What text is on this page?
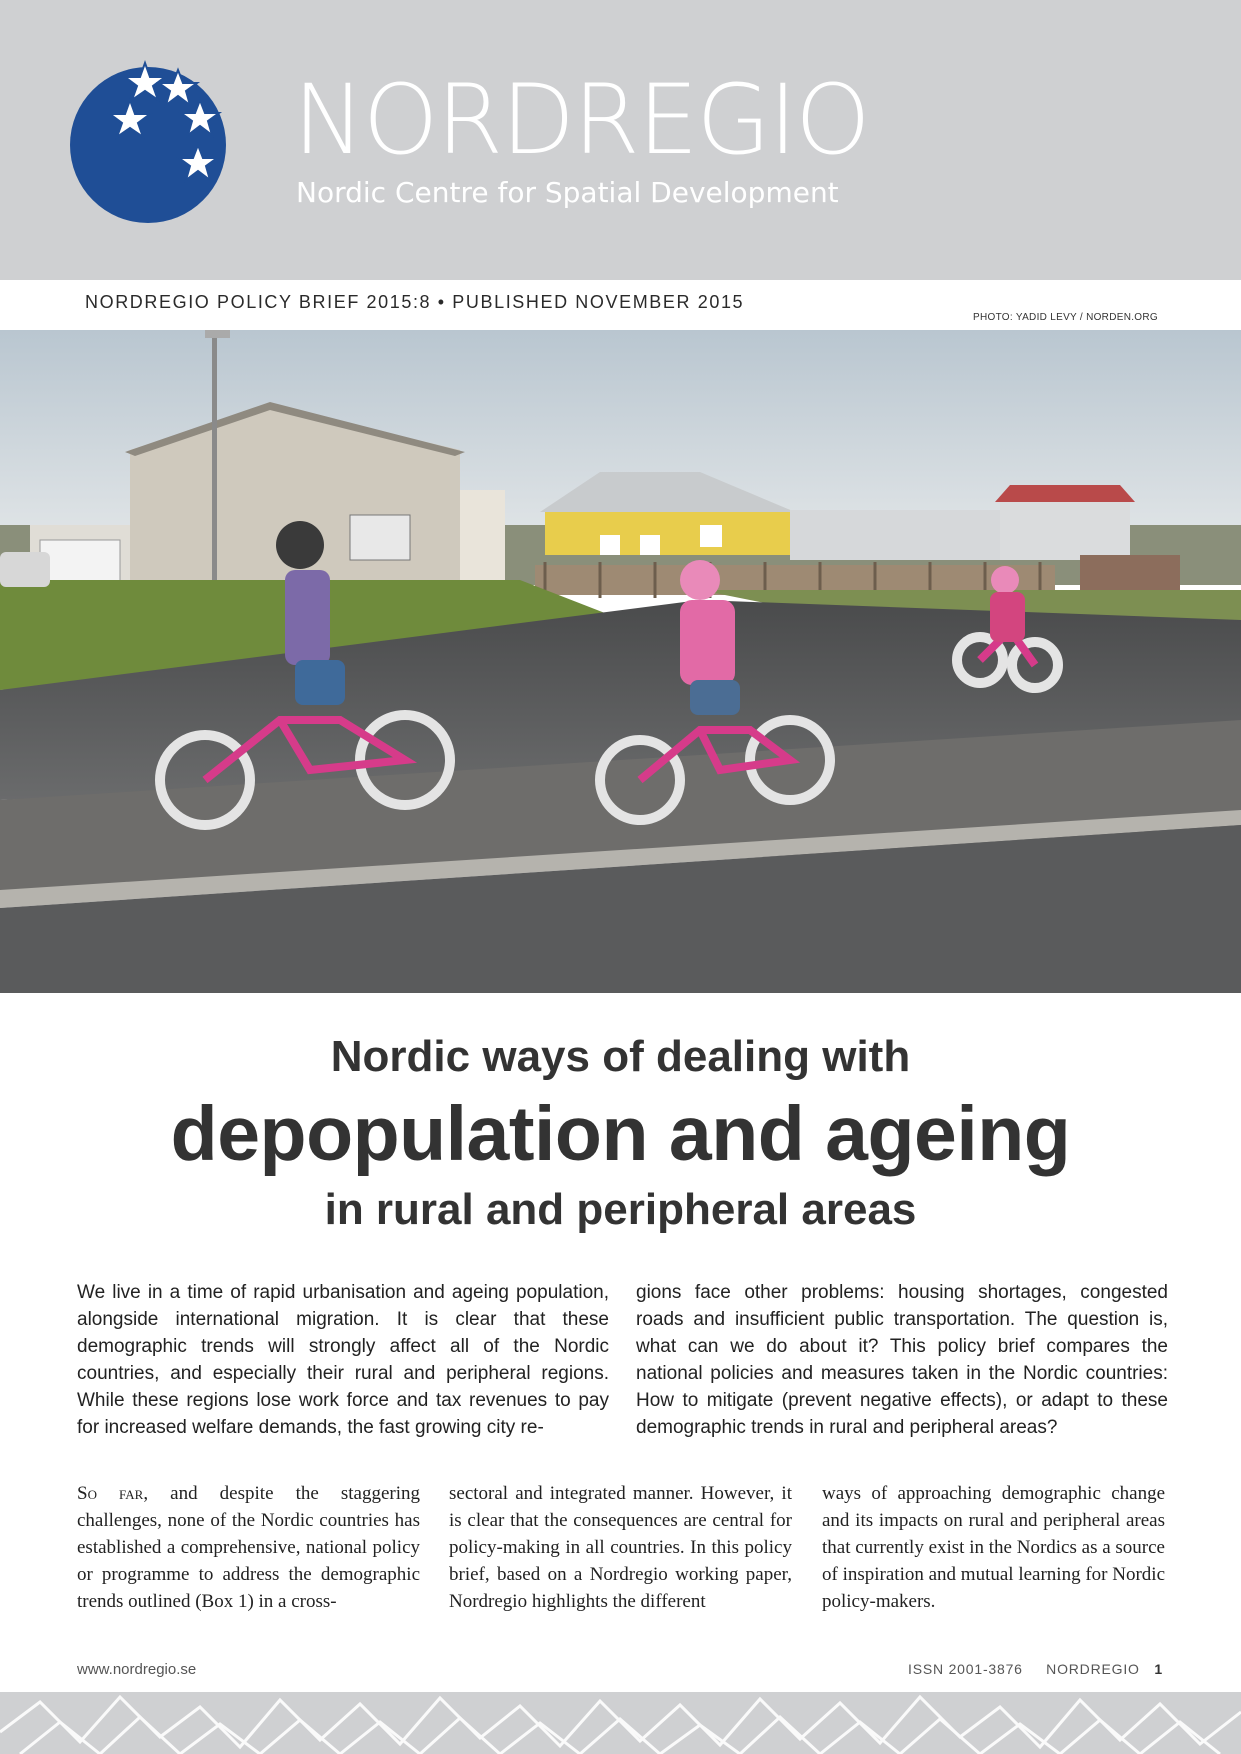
NORDREGIO
Nordic Centre for Spatial Development
NORDREGIO POLICY BRIEF 2015:8 • PUBLISHED NOVEMBER 2015
PHOTO: YADID LEVY / NORDEN.ORG
Nordic ways of dealing with
depopulation and ageing
in rural and peripheral areas
We live in a time of rapid urbanisation and ageing population, alongside international migration. It is clear that these demographic trends will strongly affect all of the Nordic countries, and especially their rural and peripheral regions. While these regions lose work force and tax revenues to pay for increased welfare demands, the fast growing city re-
gions face other problems: housing shortages, congested roads and insufficient public transportation. The question is, what can we do about it? This policy brief compares the national policies and measures taken in the Nordic countries: How to mitigate (prevent negative effects), or adapt to these demographic trends in rural and peripheral areas?
So far, and despite the staggering challenges, none of the Nordic countries has established a comprehensive, national policy or programme to address the demographic trends outlined (Box 1) in a cross-
sectoral and integrated manner. However, it is clear that the consequences are central for policy-making in all countries. In this policy brief, based on a Nordregio working paper, Nordregio highlights the different
ways of approaching demographic change and its impacts on rural and peripheral areas that currently exist in the Nordics as a source of inspiration and mutual learning for Nordic policy-makers.
www.nordregio.se	ISSN 2001-3876 NORDREGIO 1
